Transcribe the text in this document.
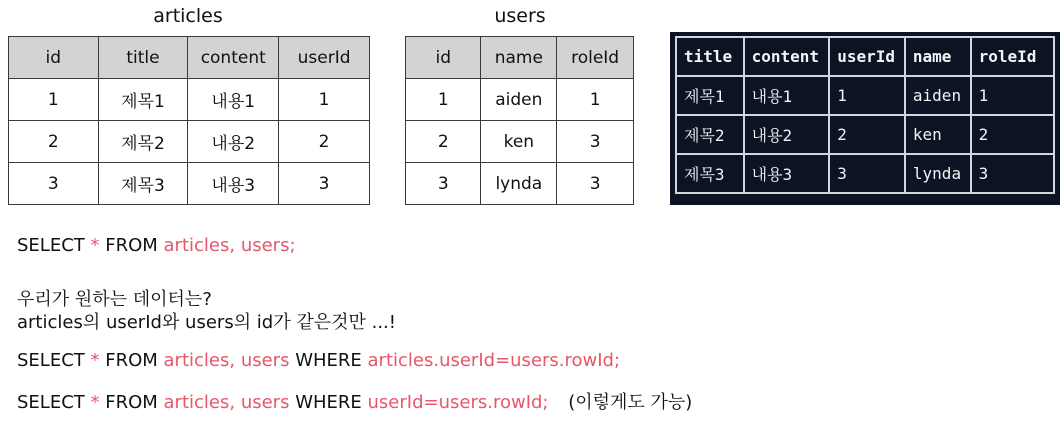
articles	users
id	title	content	userId
1	제목1	내용1	1
2	제목2	내용2	2
3	제목3	내용3	3
id	name	roleId
1	aiden	1
2	ken	3
3	lynda	3
title	content	userId	name	roleId
제목1	내용1	1	aiden	1
제목2	내용2	2	ken	2
제목3	내용3	3	lynda	3
SELECT * FROM articles, users;
우리가 원하는 데이터는?
articles의 userId와 users의 id가 같은것만 ...!
SELECT * FROM articles, users WHERE articles.userId=users.rowId;
SELECT * FROM articles, users WHERE userId=users.rowId; (이렇게도 가능)
